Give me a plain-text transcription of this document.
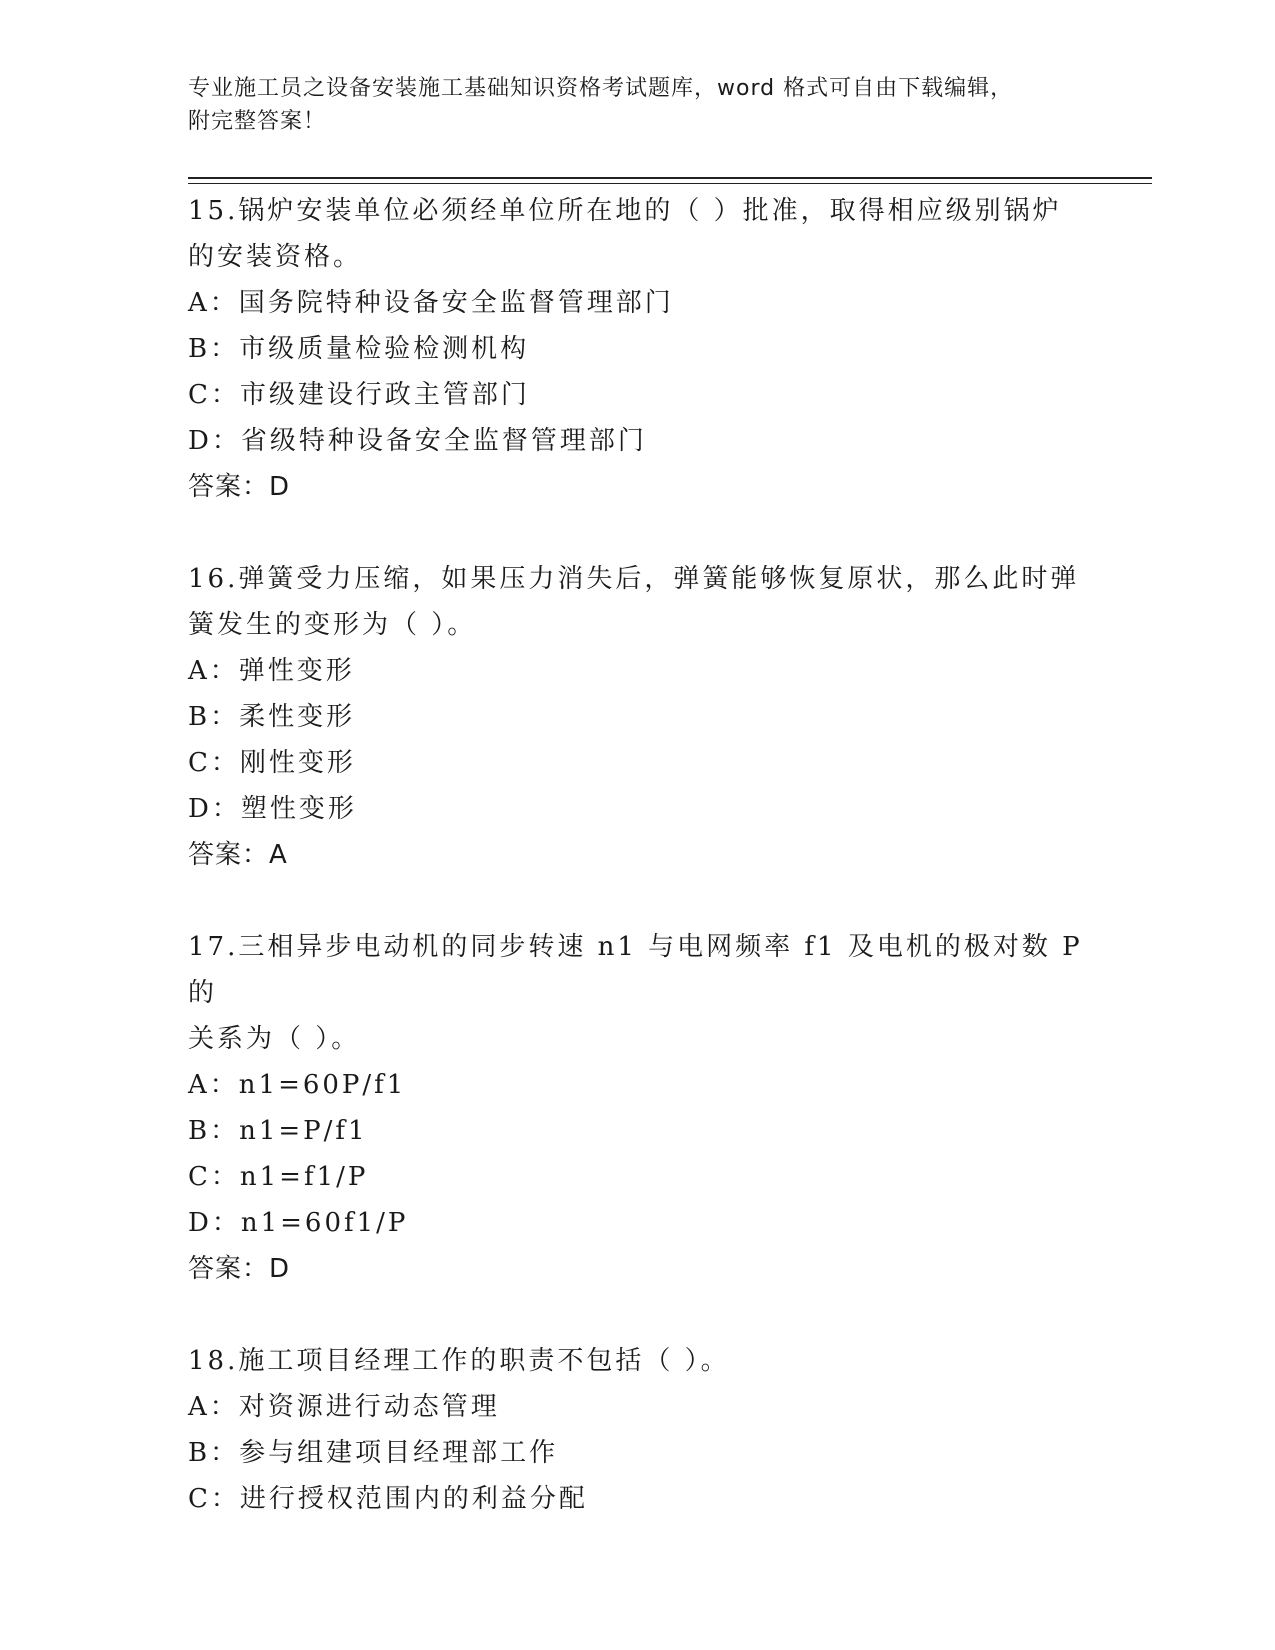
专业施工员之设备安装施工基础知识资格考试题库，word 格式可自由下载编辑，
附完整答案！
15.锅炉安装单位必须经单位所在地的（ ）批准，取得相应级别锅炉
的安装资格。
A：国务院特种设备安全监督管理部门
B：市级质量检验检测机构
C：市级建设行政主管部门
D：省级特种设备安全监督管理部门
答案：D
16.弹簧受力压缩，如果压力消失后，弹簧能够恢复原状，那么此时弹
簧发生的变形为（ ）。
A：弹性变形
B：柔性变形
C：刚性变形
D：塑性变形
答案：A
17.三相异步电动机的同步转速 n1 与电网频率 f1 及电机的极对数 P 的
关系为（ ）。
A：n1=60P/f1
B：n1=P/f1
C：n1=f1/P
D：n1=60f1/P
答案：D
18.施工项目经理工作的职责不包括（ ）。
A：对资源进行动态管理
B：参与组建项目经理部工作
C：进行授权范围内的利益分配
